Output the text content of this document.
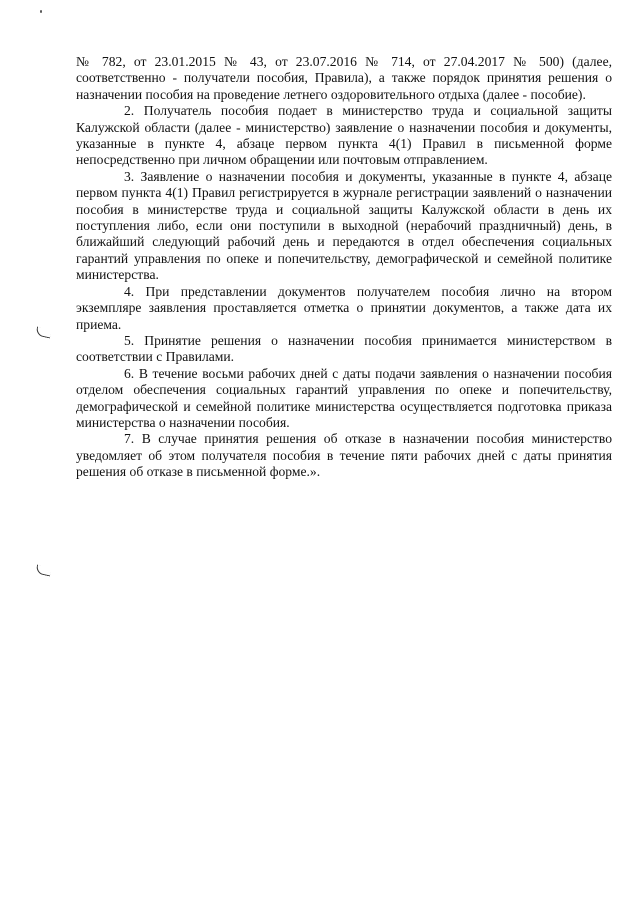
№ 782, от 23.01.2015 № 43, от 23.07.2016 № 714, от 27.04.2017 № 500) (далее, соответственно - получатели пособия, Правила), а также порядок принятия решения о назначении пособия на проведение летнего оздоровительного отдыха (далее - пособие).

2. Получатель пособия подает в министерство труда и социальной защиты Калужской области (далее - министерство) заявление о назначении пособия и документы, указанные в пункте 4, абзаце первом пункта 4(1) Правил в письменной форме непосредственно при личном обращении или почтовым отправлением.

3. Заявление о назначении пособия и документы, указанные в пункте 4, абзаце первом пункта 4(1) Правил регистрируется в журнале регистрации заявлений о назначении пособия в министерстве труда и социальной защиты Калужской области в день их поступления либо, если они поступили в выходной (нерабочий праздничный) день, в ближайший следующий рабочий день и передаются в отдел обеспечения социальных гарантий управления по опеке и попечительству, демографической и семейной политике министерства.

4. При представлении документов получателем пособия лично на втором экземпляре заявления проставляется отметка о принятии документов, а также дата их приема.

5. Принятие решения о назначении пособия принимается министерством в соответствии с Правилами.

6. В течение восьми рабочих дней с даты подачи заявления о назначении пособия отделом обеспечения социальных гарантий управления по опеке и попечительству, демографической и семейной политике министерства осуществляется подготовка приказа министерства о назначении пособия.

7. В случае принятия решения об отказе в назначении пособия министерство уведомляет об этом получателя пособия в течение пяти рабочих дней с даты принятия решения об отказе в письменной форме.».
